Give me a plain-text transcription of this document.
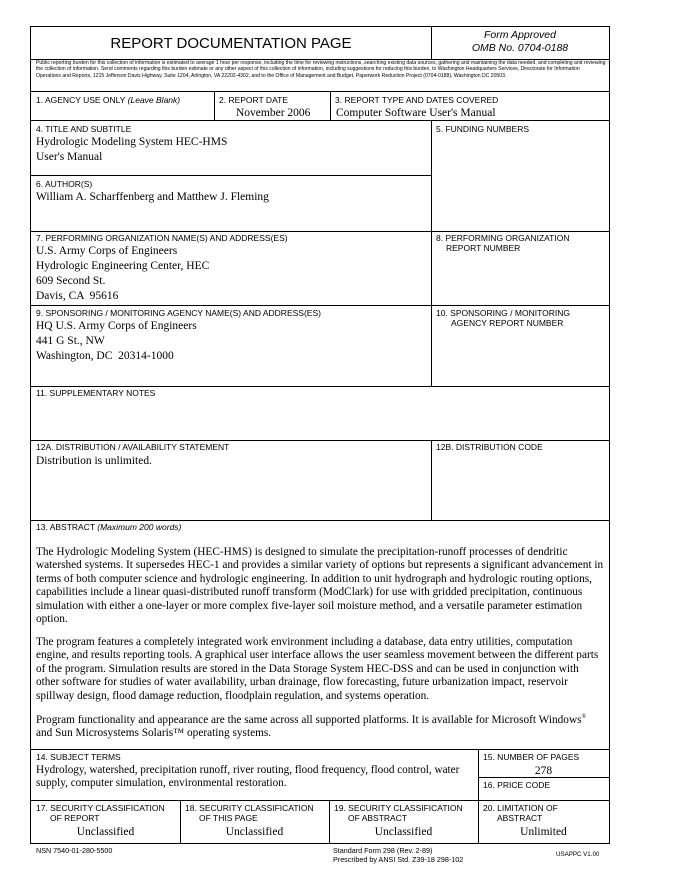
REPORT DOCUMENTATION PAGE	Form Approved
OMB No. 0704-0188
Public reporting burden for this collection of information is estimated to average 1 hour per response, including the time for reviewing instructions, searching existing data sources, gathering and maintaining the data needed, and completing and reviewing the collection of information. Send comments regarding this burden estimate or any other aspect of this collection of information, including suggestions for reducing this burden, to Washington Headquarters Services, Directorate for Information Operations and Reports, 1215 Jefferson Davis Highway, Suite 1204, Arlington, VA 22202-4302, and to the Office of Management and Budget, Paperwork Reduction Project (0704-0188), Washington DC 20503.
1. AGENCY USE ONLY (Leave Blank)	2. REPORT DATE
November 2006
3. REPORT TYPE AND DATES COVERED
Computer Software User's Manual
4. TITLE AND SUBTITLE
Hydrologic Modeling System HEC-HMS
User's Manual
5. FUNDING NUMBERS
6. AUTHOR(S)
William A. Scharffenberg and Matthew J. Fleming
7. PERFORMING ORGANIZATION NAME(S) AND ADDRESS(ES)
U.S. Army Corps of Engineers
Hydrologic Engineering Center, HEC
609 Second St.
Davis, CA  95616
8. PERFORMING ORGANIZATION
REPORT NUMBER
9. SPONSORING / MONITORING AGENCY NAME(S) AND ADDRESS(ES)
HQ U.S. Army Corps of Engineers
441 G St., NW
Washington, DC  20314-1000
10. SPONSORING / MONITORING
AGENCY REPORT NUMBER
11. SUPPLEMENTARY NOTES
12A. DISTRIBUTION / AVAILABILITY STATEMENT
Distribution is unlimited.
12B. DISTRIBUTION CODE
13. ABSTRACT (Maximum 200 words)
The Hydrologic Modeling System (HEC-HMS) is designed to simulate the precipitation-runoff processes of dendritic watershed systems. It supersedes HEC-1 and provides a similar variety of options but represents a significant advancement in terms of both computer science and hydrologic engineering. In addition to unit hydrograph and hydrologic routing options, capabilities include a linear quasi-distributed runoff transform (ModClark) for use with gridded precipitation, continuous simulation with either a one-layer or more complex five-layer soil moisture method, and a versatile parameter estimation option.
The program features a completely integrated work environment including a database, data entry utilities, computation engine, and results reporting tools. A graphical user interface allows the user seamless movement between the different parts of the program. Simulation results are stored in the Data Storage System HEC-DSS and can be used in conjunction with other software for studies of water availability, urban drainage, flow forecasting, future urbanization impact, reservoir spillway design, flood damage reduction, floodplain regulation, and systems operation.
Program functionality and appearance are the same across all supported platforms. It is available for Microsoft Windows® and Sun Microsystems Solaris™ operating systems.
14. SUBJECT TERMS
Hydrology, watershed, precipitation runoff, river routing, flood frequency, flood control, water supply, computer simulation, environmental restoration.
15. NUMBER OF PAGES
278
16. PRICE CODE
17. SECURITY CLASSIFICATION
OF REPORT
Unclassified
18. SECURITY CLASSIFICATION
OF THIS PAGE
Unclassified
19. SECURITY CLASSIFICATION
OF ABSTRACT
Unclassified
20. LIMITATION OF
ABSTRACT
Unlimited
NSN 7540-01-280-5500	Standard Form 298 (Rev. 2-89)
Prescribed by ANSI Std. Z39-18 298-102
USAPPC V1.00
